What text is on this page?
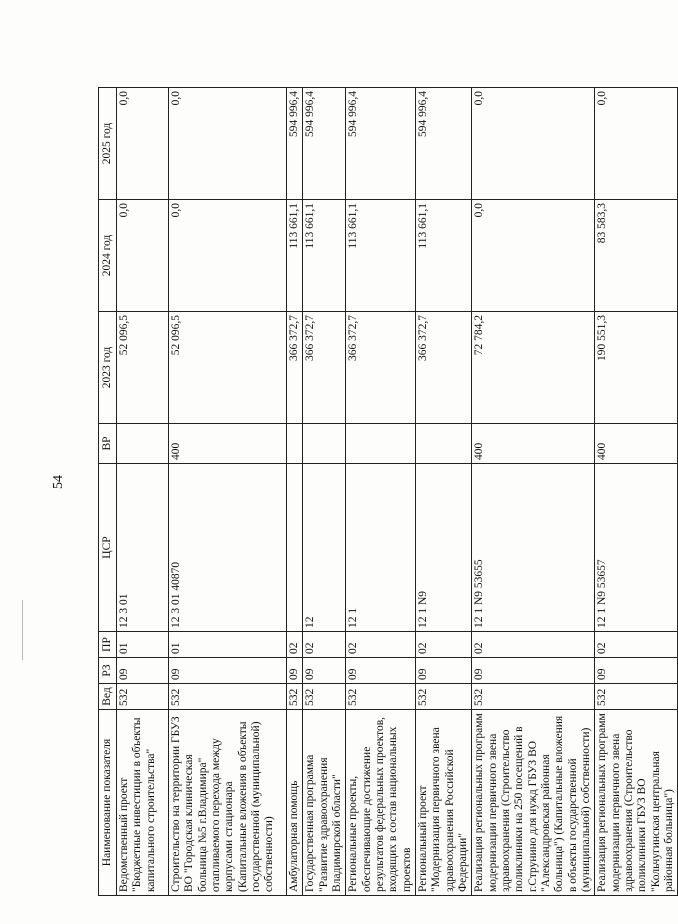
54
Наименование показателя	Вед	РЗ	ПР	ЦСР	ВР	2023 год	2024 год	2025 год
Ведомственный проект "Бюджетные инвестиции в объекты капитального строительства"	532	09	01	12 3 01		52 096,5	0,0	0,0
Строительство на территории ГБУЗ ВО "Городская клиническая больница №5 г.Владимира" отапливаемого перехода между корпусами стационара (Капитальные вложения в объекты государственной (муниципальной) собственности)	532	09	01	12 3 01 40870	400	52 096,5	0,0	0,0
Амбулаторная помощь	532	09	02			366 372,7	113 661,1	594 996,4
Государственная программа "Развитие здравоохранения Владимирской области"	532	09	02	12		366 372,7	113 661,1	594 996,4
Региональные проекты, обеспечивающие достижение результатов федеральных проектов, входящих в состав национальных проектов	532	09	02	12 1		366 372,7	113 661,1	594 996,4
Региональный проект "Модернизация первичного звена здравоохранения Российской Федерации"	532	09	02	12 1 N9		366 372,7	113 661,1	594 996,4
Реализация региональных программ модернизации первичного звена здравоохранения (Строительство поликлиники на 250 посещений в г.Струнино для нужд ГБУЗ ВО "Александровская районная больница") (Капитальные вложения в объекты государственной (муниципальной) собственности)	532	09	02	12 1 N9 53655	400	72 784,2	0,0	0,0
Реализация региональных программ модернизации первичного звена здравоохранения (Строительство поликлиники ГБУЗ ВО "Кольчугинская центральная районная больница")	532	09	02	12 1 N9 53657	400	190 551,3	83 583,3	0,0
